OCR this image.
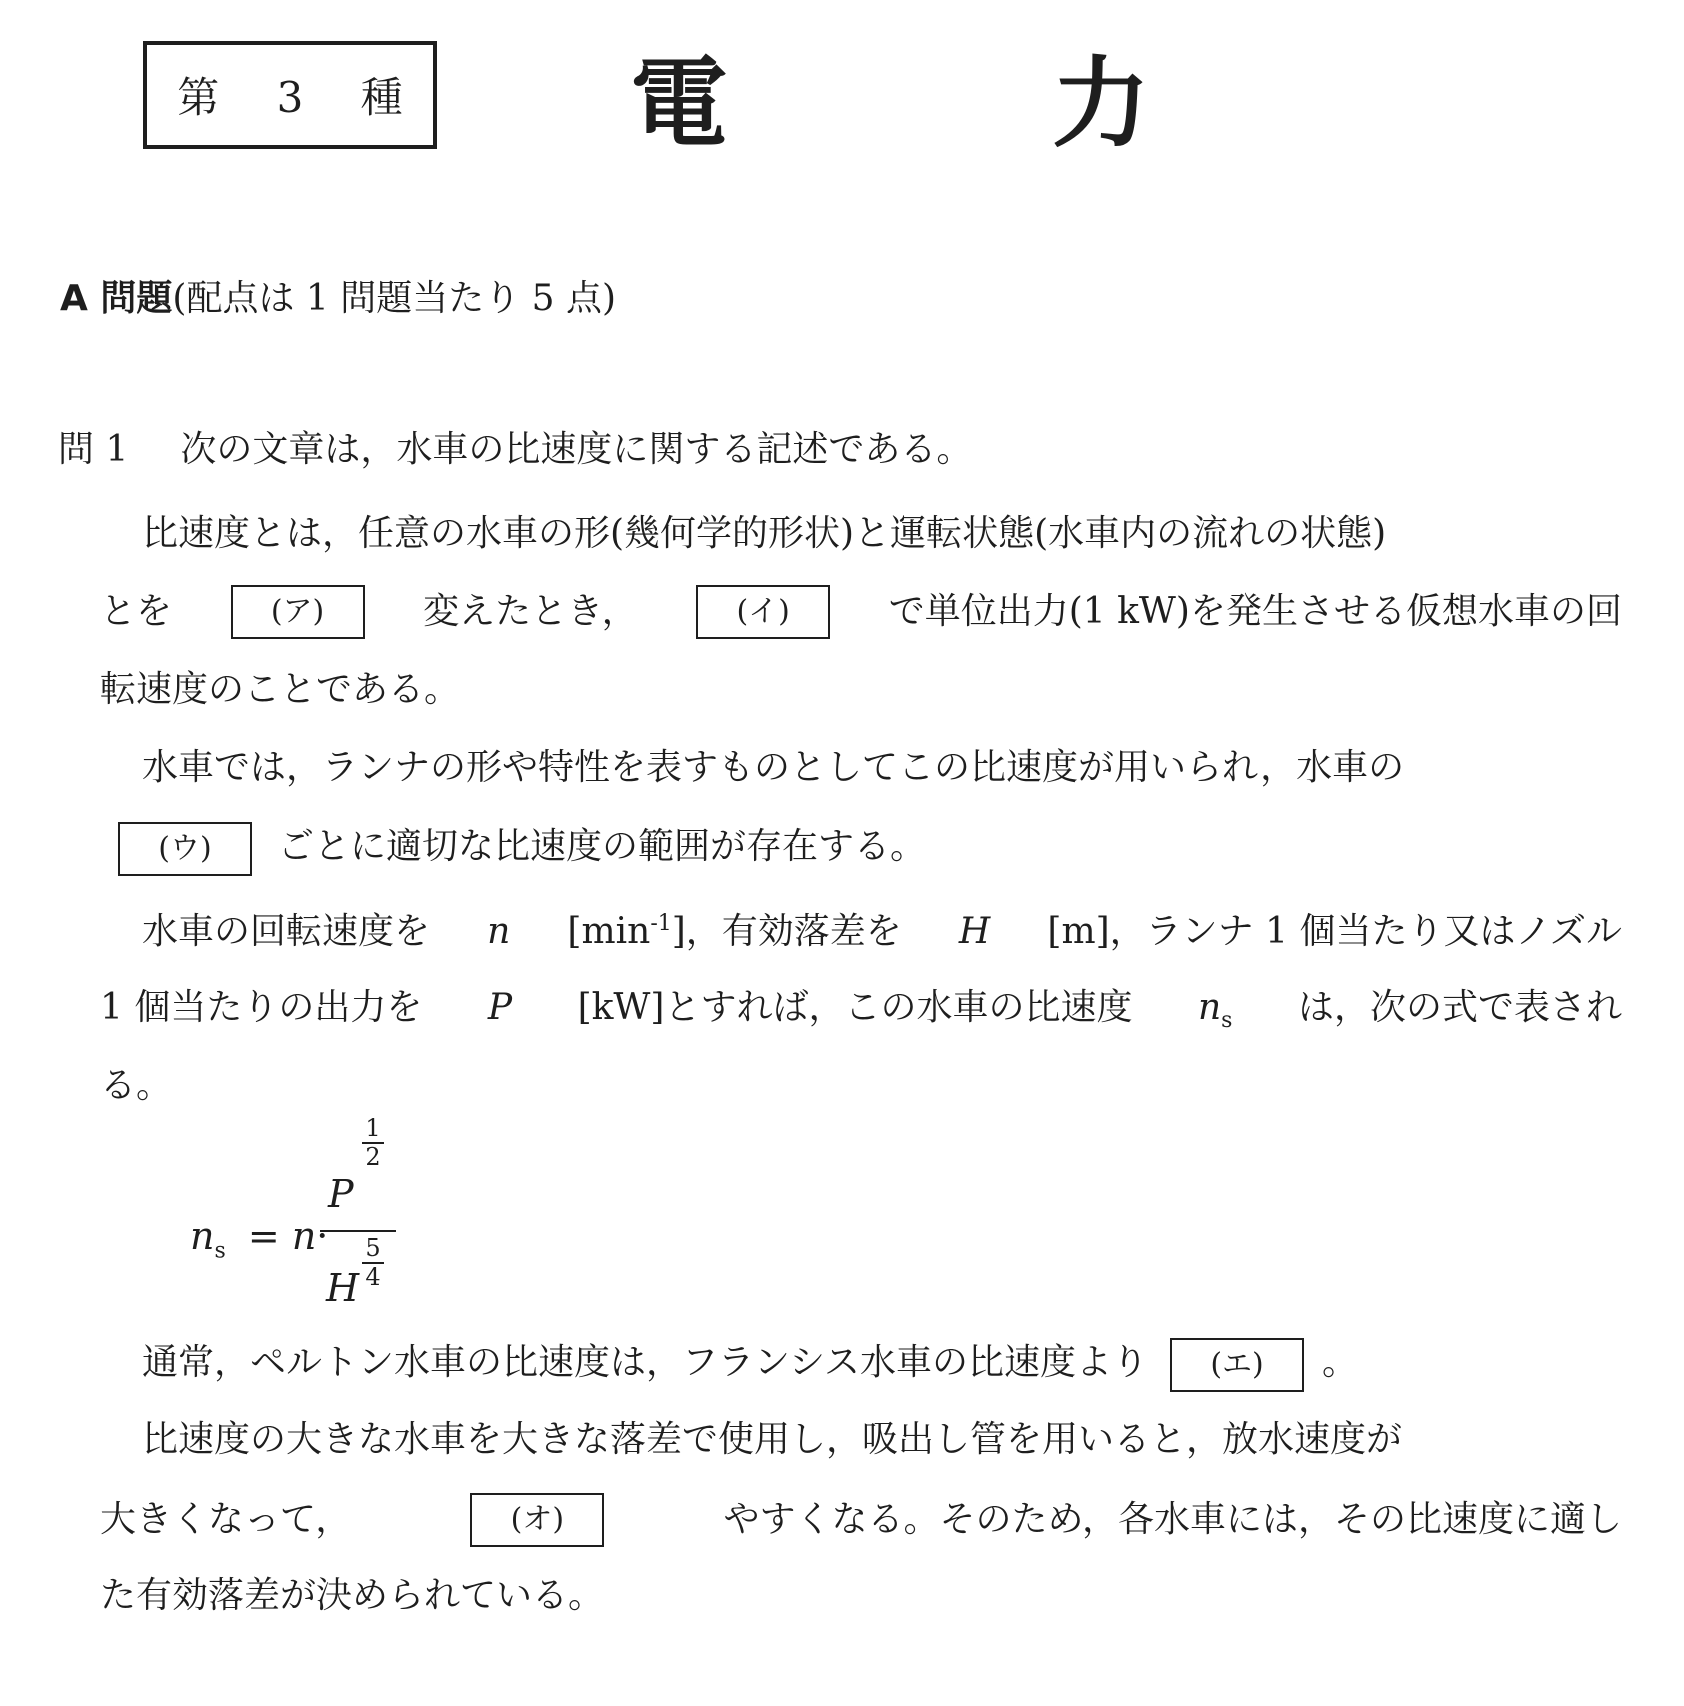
第 3 種 電	力
A 問題(配点は 1 問題当たり 5 点)
問 1 次の文章は，水車の比速度に関する記述である。
比速度とは，任意の水車の形(幾何学的形状)と運転状態(水車内の流れの状態)
とを	(ア)	変えたとき，	(イ)	で単位出力(1 kW)を発生させる仮想水車の回
転速度のことである。
水車では，ランナの形や特性を表すものとしてこの比速度が用いられ，水車の
(ウ) ごとに適切な比速度の範囲が存在する。
水車の回転速度を n $[\min^{-1}]$，有効落差を H [m]，ランナ 1 個当たり又はノズル
1 個当たりの出力を P [kW]とすれば，この水車の比速度 $n_s$ は，次の式で表され
る。
$n_s = n\cdot$
P
1
2
H
5
4
通常，ペルトン水車の比速度は，フランシス水車の比速度より (エ) 。
比速度の大きな水車を大きな落差で使用し，吸出し管を用いると，放水速度が
大きくなって，	(オ)	やすくなる。そのため，各水車には，その比速度に適し
た有効落差が決められている。
